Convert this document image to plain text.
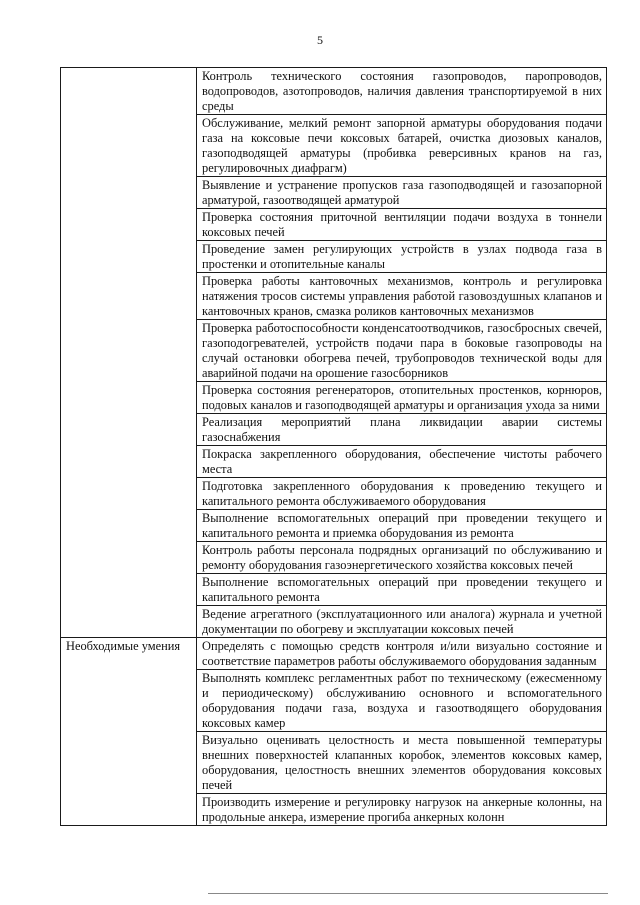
5
	Контроль технического состояния газопроводов, паропроводов, водопроводов, азотопроводов, наличия давления транспортируемой в них среды
	Обслуживание, мелкий ремонт запорной арматуры оборудования подачи газа на коксовые печи коксовых батарей, очистка диозовых каналов, газоподводящей арматуры (пробивка реверсивных кранов на газ, регулировочных диафрагм)
	Выявление и устранение пропусков газа газоподводящей и газозапорной арматурой, газоотводящей арматурой
	Проверка состояния приточной вентиляции подачи воздуха в тоннели коксовых печей
	Проведение замен регулирующих устройств в узлах подвода газа в простенки и отопительные каналы
	Проверка работы кантовочных механизмов, контроль и регулировка натяжения тросов системы управления работой газовоздушных клапанов и кантовочных кранов, смазка роликов кантовочных механизмов
	Проверка работоспособности конденсатоотводчиков, газосбросных свечей, газоподогревателей, устройств подачи пара в боковые газопроводы на случай остановки обогрева печей, трубопроводов технической воды для аварийной подачи на орошение газосборников
	Проверка состояния регенераторов, отопительных простенков, корнюров, подовых каналов и газоподводящей арматуры и организация ухода за ними
	Реализация мероприятий плана ликвидации аварии системы газоснабжения
	Покраска закрепленного оборудования, обеспечение чистоты рабочего места
	Подготовка закрепленного оборудования к проведению текущего и капитального ремонта обслуживаемого оборудования
	Выполнение вспомогательных операций при проведении текущего и капитального ремонта и приемка оборудования из ремонта
	Контроль работы персонала подрядных организаций по обслуживанию и ремонту оборудования газоэнергетического хозяйства коксовых печей
	Выполнение вспомогательных операций при проведении текущего и капитального ремонта
	Ведение агрегатного (эксплуатационного или аналога) журнала и учетной документации по обогреву и эксплуатации коксовых печей
Необходимые умения	Определять с помощью средств контроля и/или визуально состояние и соответствие параметров работы обслуживаемого оборудования заданным
	Выполнять комплекс регламентных работ по техническому (ежесменному и периодическому) обслуживанию основного и вспомогательного оборудования подачи газа, воздуха и газоотводящего оборудования коксовых камер
	Визуально оценивать целостность и места повышенной температуры внешних поверхностей клапанных коробок, элементов коксовых камер, оборудования, целостность внешних элементов оборудования коксовых печей
	Производить измерение и регулировку нагрузок на анкерные колонны, на продольные анкера, измерение прогиба анкерных колонн
